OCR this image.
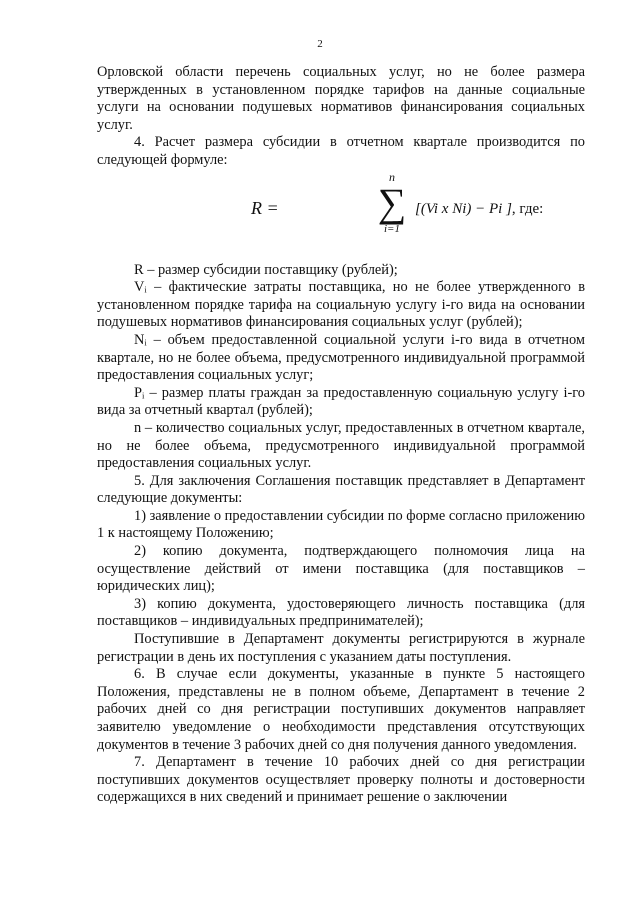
2

Орловской области перечень социальных услуг, но не более размера утвержденных в установленном порядке тарифов на данные социальные услуги на основании подушевых нормативов финансирования социальных услуг.

4. Расчет размера субсидии в отчетном квартале производится по следующей формуле:

R =
n
∑
i=1
[(Vi x Ni) − Pi ], где:

R – размер субсидии поставщику (рублей);

Vᵢ – фактические затраты поставщика, но не более утвержденного в установленном порядке тарифа на социальную услугу i-го вида на основании подушевых нормативов финансирования социальных услуг (рублей);

Nᵢ – объем предоставленной социальной услуги i-го вида в отчетном квартале, но не более объема, предусмотренного индивидуальной программой предоставления социальных услуг;

Pᵢ – размер платы граждан за предоставленную социальную услугу i-го вида за отчетный квартал (рублей);

n – количество социальных услуг, предоставленных в отчетном квартале, но не более объема, предусмотренного индивидуальной программой предоставления социальных услуг.

5. Для заключения Соглашения поставщик представляет в Департамент следующие документы:

1) заявление о предоставлении субсидии по форме согласно приложению 1 к настоящему Положению;

2) копию документа, подтверждающего полномочия лица на осуществление действий от имени поставщика (для поставщиков – юридических лиц);

3) копию документа, удостоверяющего личность поставщика (для поставщиков – индивидуальных предпринимателей);

Поступившие в Департамент документы регистрируются в журнале регистрации в день их поступления с указанием даты поступления.

6. В случае если документы, указанные в пункте 5 настоящего Положения, представлены не в полном объеме, Департамент в течение 2 рабочих дней со дня регистрации поступивших документов направляет заявителю уведомление о необходимости представления отсутствующих документов в течение 3 рабочих дней со дня получения данного уведомления.

7. Департамент в течение 10 рабочих дней со дня регистрации поступивших документов осуществляет проверку полноты и достоверности содержащихся в них сведений и принимает решение о заключении
